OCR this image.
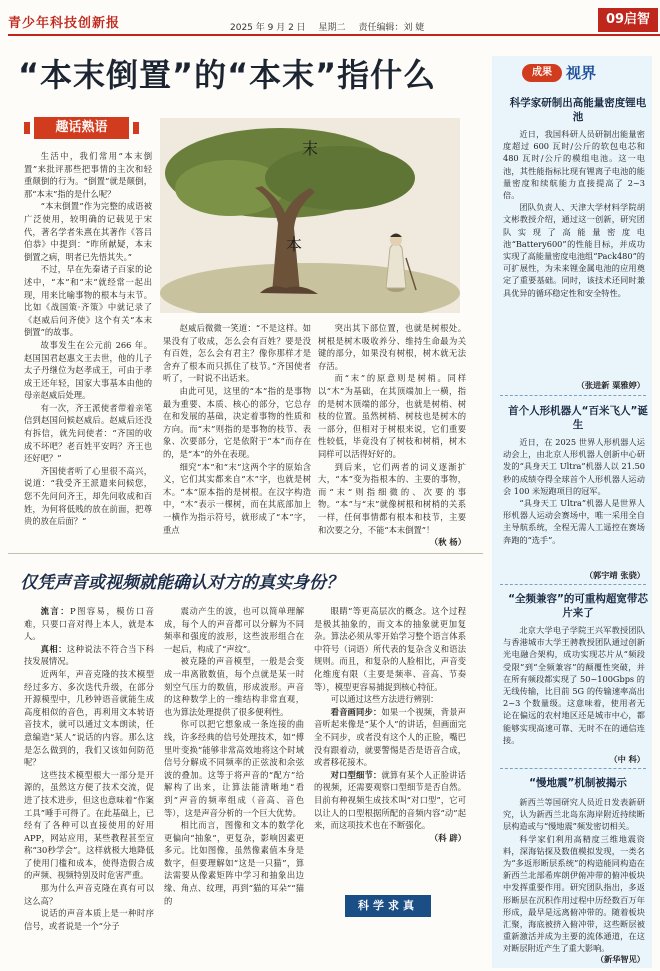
青少年科技创新报	2025 年 9 月 2 日 星期二 责任编辑：刘 婕
09启智
“本末倒置”的“本末”指什么
趣话熟语
末
本

生活中，我们常用“本末倒置”来批评那些把事情的主次和轻重颠倒的行为。“倒置”就是颠倒，那“本末”指的是什么呢？

“本末倒置”作为完整的成语被广泛使用，较明确的记载见于宋代，著名学者朱熹在其著作《答吕伯恭》中提到：“昨所献疑，本末倒置之病，明者已先悟其失。”

不过，早在先秦诸子百家的论述中，“本”和“末”就经常一起出现，用来比喻事物的根本与末节。比如《战国策·齐策》中就记录了《赵威后问齐使》这个有关“本末倒置”的故事。

故事发生在公元前 266 年。赵国国君赵惠文王去世，他的儿子太子丹继位为赵孝成王，可由于孝成王还年轻，国家大事基本由他的母亲赵威后处理。

有一次，齐王派使者带着亲笔信到赵国问候赵威后。赵威后还没有拆信，就先问使者：“齐国的收成不坏吧？老百姓平安吗？齐王也还好吧？”

齐国使者听了心里很不高兴，说道：“我受齐王派遣来问候您，您不先问问齐王，却先问收成和百姓，为何将低贱的放在前面，把尊贵的放在后面？”

赵威后微微一笑道：“不是这样。如果没有了收成，怎么会有百姓？要是没有百姓，怎么会有君主？像你那样才是舍弃了根本而只抓住了枝节。”齐国使者听了，一时说不出话来。

由此可见，这里的“本”指的是事物最为重要、本质、核心的部分，它总存在和发展的基础，决定着事物的性质和方向。而“末”则指的是事物的枝节、表象、次要部分，它是依附于“本”而存在的，是“本”的外在表现。

细究“本”和“末”这两个字的原始含义，它们其实都来自“木”字，也就是树木。“本”原本指的是树根。在汉字构造中，“木”表示一棵树，而在其底部加上一横作为指示符号，就形成了“本”字，重点

突出其下部位置，也就是树根处。树根是树木吸收养分、维持生命最为关键的部分，如果没有树根，树木就无法存活。

而“末”的原意则是树梢。同样以“木”为基础，在其顶端加上一横，指的是树木顶端的部分，也就是树梢、树枝的位置。虽然树梢、树枝也是树木的一部分，但相对于树根来说，它们重要性较低，毕竟没有了树枝和树梢，树木同样可以活得好好的。

到后来，它们两者的词义逐渐扩大，“本”变为指根本的、主要的事物，而“末”则指细微的、次要的事物。“本”与“末”就像树根和树梢的关系一样，任何事情都有根本和枝节，主要和次要之分，不能“本末倒置”！

（秋 杨）
仅凭声音或视频就能确认对方的真实身份？

流言：P图容易，模仿口音难，只要口音对得上本人，就是本人。

真相：这种说法不符合当下科技发展情况。

近两年，声音克隆的技术模型经过多方、多次迭代升级，在部分开源模型中，几秒钟语音就能生成高度相似的音色，再利用文本转语音技术，就可以通过文本朗读，任意编造“某人”说话的内容。那么这是怎么做到的，我们又该如何防范呢？

这些技术模型根大一部分是开源的，虽然这方便了技术交流，促进了技术进步，但这也意味着“作案工具”唾手可得了。在此基础上，已经有了各种可以直接使用的好用 APP，网站应用，某些教程甚至宣称“30秒学会”。这样就极大地降低了使用门槛和成本，使得造假合成的声频、视频特别及时危害严重。

那为什么声音克隆在真有可以这么高？

说话的声音本质上是一种时序信号，或者说是一个“分子

震动产生的波，也可以简单理解成，每个人的声音都可以分解为不同频率和强度的波形，这些波形组合在一起后，构成了“声纹”。

被克隆的声音模型，一般是会变成一串离散数值，每个点就是某一时刻空气压力的数值，形成波形。声音的这种数学上的一维结构非常直观，也为算法处理提供了很多便利性。

你可以把它想象成一条连接的曲线，许多经典的信号处理技术，如“傅里叶变换”能够非常高效地将这个时域信号分解成不同频率的正弦波和余弦波的叠加。这等于将声音的“配方”给解构了出来，让算法能清晰地“看到”声音的频率组成（音高、音色等），这是声音分析的一个巨大优势。

相比而言，图像和文本的数学化更偏向“抽象”，更复杂，影响因素更多元。比如图像，虽然像素值本身是数字，但要理解如“这是一只猫”，算法需要从像素矩阵中学习和抽象出边缘、角点、纹理，再到“猫的耳朵”“猫的

眼睛”等更高层次的概念。这个过程是极其抽象的，而文本的抽象就更加复杂。算法必须从零开始学习整个语言体系中符号（词语）所代表的复杂含义和语法规则。而且，和复杂的人脸相比，声音变化维度有限（主要是频率、音高、节奏等），模型更容易捕捉到核心特征。

可以通过这些方法进行辨别：

看音画同步：如果一个视频，背景声音听起来像是“某个人”的讲话，但画面完全不同步，或者没有这个人的正脸，嘴巴没有跟着动，就要警惕是否是语音合成，或者移花接木。

对口型细节：就算有某个人正脸讲话的视频，还需要观察口型细节是否自然。目前有种视频生成技术叫“对口型”，它可以让人的口型根据所配的音频内容“动”起来，而这项技术也在不断强化。

（科 辟）
科学求真
成果 视界
科学家研制出高能量密度锂电池

近日，我国科研人员研制出能量密度超过 600 瓦时/公斤的软包电芯和 480 瓦时/公斤的模组电池。这一电池，其性能指标比现有锂离子电池的能量密度和续航能力直接提高了 2~3 倍。

团队负责人、天津大学材料学院胡文彬教授介绍，通过这一创新，研究团队实现了高能量密度电池“Battery600”的性能目标，并成功实现了高能量密度电池组“Pack480”的可扩展性，为未来锂金属电池的应用奠定了重要基础。同时，该技术还同时兼具优异的循环稳定性和安全特性。

（张进新 粟雅婷）
首个人形机器人“百米飞人”诞生

近日，在 2025 世界人形机器人运动会上，由北京人形机器人创新中心研发的“具身天工 Ultra”机器人以 21.50 秒的成绩夺得全球首个人形机器人运动会 100 米短跑项目的冠军。

“具身天工 Ultra”机器人是世界人形机器人运动会赛场中，唯一采用全自主导航系统，全程无需人工遥控在赛场奔跑的“选手”。

（郭宇靖 张骁）
“全频兼容”的可重构超宽带芯片来了

北京大学电子学院王兴军教授团队与香港城市大学王骋教授团队通过创新光电融合架构，成功实现芯片从“频段受限”到“全频兼容”的颠覆性突破，并在所有频段都实现了 50~100Gbps 的无线传输，比目前 5G 的传输速率高出 2~3 个数量级。这意味着，使用者无论在偏远的农村地区还是城市中心，都能够实现高速可靠、无时不在的通信连接。

（中 科）
“慢地震”机制被揭示

新西兰等国研究人员近日发表新研究，认为新西兰北岛东海岸附近持续断层构造或与“慢地震”频发密切相关。

科学家们利用高精度三维地震资料，深海钻探及数值模拟发现，一类名为“多返形断层系统”的构造能同构造在新西兰北部希库朗伊俯冲带的俯冲板块中发挥重要作用。研究团队指出，多返形断层在沉积作用过程中历经数百万年形成，最早是远离俯冲带的。随着板块汇聚，海底被挤入俯冲带，这些断层被重新激活并成为主要的流体通道，在这对断层附近产生了重大影响。

（新华智见）
